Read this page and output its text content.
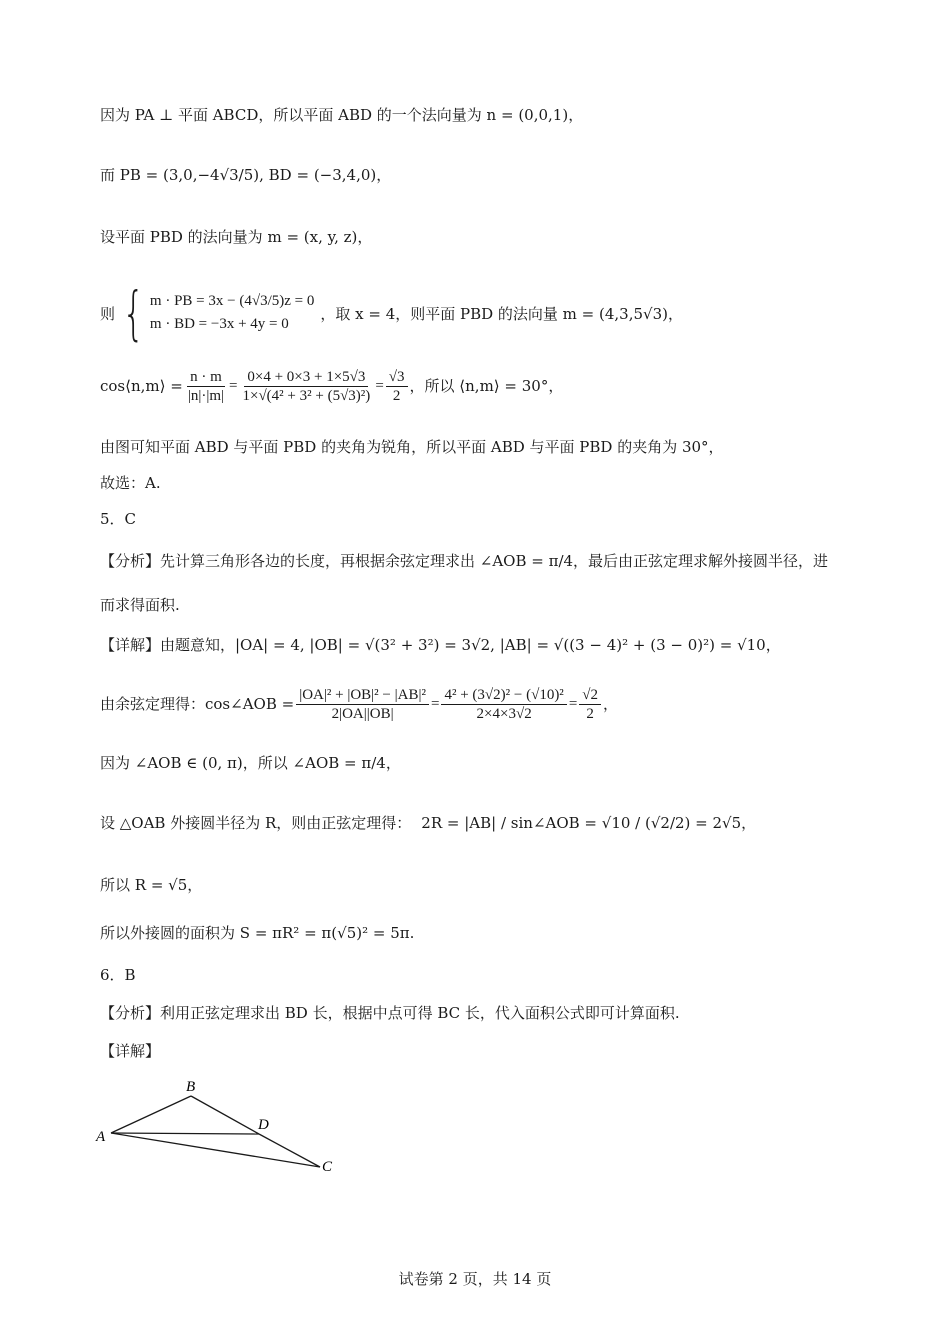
因为 PA ⊥ 平面 ABCD，所以平面 ABD 的一个法向量为 n = (0,0,1)，
而 PB = (3,0,−4√3/5), BD = (−3,4,0)，
设平面 PBD 的法向量为 m = (x, y, z)，
则 { m · PB = 3x − (4√3/5)z = 0
m · BD = −3x + 4y = 0
，取 x = 4，则平面 PBD 的法向量 m = (4,3,5√3)，
cos⟨n,m⟩ = $\frac{n \cdot m}{|n|\cdot|m|} = \frac{0\times 4 + 0\times 3 + 1\times 5√3}{\text{1×√(4² + 3² + (5√3)²)}} = \frac{√3}{2}$ ，所以 ⟨n,m⟩ = 30°，
由图可知平面 ABD 与平面 PBD 的夹角为锐角，所以平面 ABD 与平面 PBD 的夹角为 30°，
故选：A.
5．C
【分析】先计算三角形各边的长度，再根据余弦定理求出 ∠AOB = π/4，最后由正弦定理求解外接圆半径，进
而求得面积.
【详解】由题意知，|OA| = 4, |OB| = √(3² + 3²) = 3√2, |AB| = √((3 − 4)² + (3 − 0)²) = √10，
由余弦定理得：cos∠AOB = $\frac{\text{|OA|² + |OB|² − |AB|²}}{2|OA||OB|} = \frac{\text{4² + (3√2)² − (√10)²}}{2\times 4\times 3√2} = \frac{√2}{2}$ ，
因为 ∠AOB ∈ (0, π)，所以 ∠AOB = π/4，
设 △OAB 外接圆半径为 R，则由正弦定理得： 2R = |AB| / sin∠AOB = √10 / (√2/2) = 2√5，
所以 R = √5，
所以外接圆的面积为 S = πR² = π(√5)² = 5π.
6．B
【分析】利用正弦定理求出 BD 长，根据中点可得 BC 长，代入面积公式即可计算面积.
【详解】
A
B
C
D
试卷第 2 页，共 14 页
